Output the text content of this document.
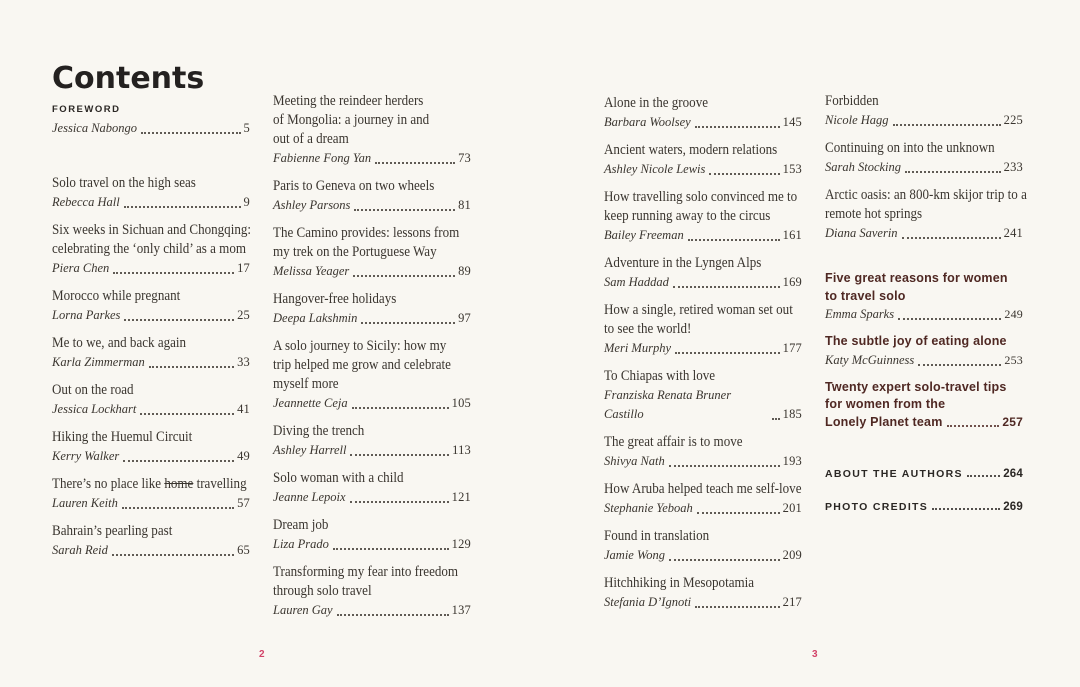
Contents
FOREWORD
Jessica Nabongo	5
Solo travel on the high seas
Rebecca Hall	9
Six weeks in Sichuan and Chongqing:
celebrating the ‘only child’ as a mom
Piera Chen	17
Morocco while pregnant
Lorna Parkes	25
Me to we, and back again
Karla Zimmerman	33
Out on the road
Jessica Lockhart	41
Hiking the Huemul Circuit
Kerry Walker	49
There’s no place like home travelling
Lauren Keith	57
Bahrain’s pearling past
Sarah Reid	65
Meeting the reindeer herders
of Mongolia: a journey in and
out of a dream
Fabienne Fong Yan	73
Paris to Geneva on two wheels
Ashley Parsons	81
The Camino provides: lessons from
my trek on the Portuguese Way
Melissa Yeager	89
Hangover-free holidays
Deepa Lakshmin	97
A solo journey to Sicily: how my
trip helped me grow and celebrate
myself more
Jeannette Ceja	105
Diving the trench
Ashley Harrell	113
Solo woman with a child
Jeanne Lepoix	121
Dream job
Liza Prado	129
Transforming my fear into freedom
through solo travel
Lauren Gay	137
Alone in the groove
Barbara Woolsey	145
Ancient waters, modern relations
Ashley Nicole Lewis	153
How travelling solo convinced me to
keep running away to the circus
Bailey Freeman	161
Adventure in the Lyngen Alps
Sam Haddad	169
How a single, retired woman set out
to see the world!
Meri Murphy	177
To Chiapas with love
Franziska Renata Bruner Castillo	185
The great affair is to move
Shivya Nath	193
How Aruba helped teach me self-love
Stephanie Yeboah	201
Found in translation
Jamie Wong	209
Hitchhiking in Mesopotamia
Stefania D’Ignoti	217
Forbidden
Nicole Hagg	225
Continuing on into the unknown
Sarah Stocking	233
Arctic oasis: an 800-km skijor trip to a
remote hot springs
Diana Saverin	241
Five great reasons for women
to travel solo
Emma Sparks	249
The subtle joy of eating alone
Katy McGuinness	253
Twenty expert solo-travel tips
for women from the
Lonely Planet team	257
ABOUT THE AUTHORS	264
PHOTO CREDITS	269
2	3
